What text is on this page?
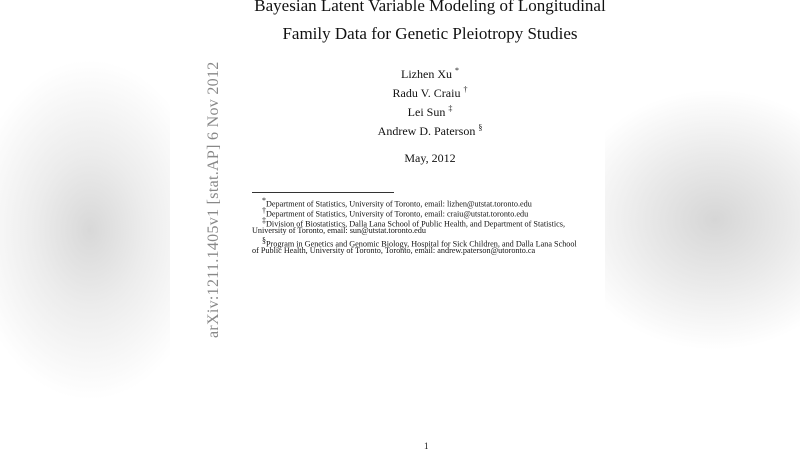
Bayesian Latent Variable Modeling of Longitudinal
Family Data for Genetic Pleiotropy Studies
Lizhen Xu *
Radu V. Craiu †
Lei Sun ‡
Andrew D. Paterson §
May, 2012
*Department of Statistics, University of Toronto, email: lizhen@utstat.toronto.edu
†Department of Statistics, University of Toronto, email: craiu@utstat.toronto.edu
‡Division of Biostatistics, Dalla Lana School of Public Health, and Department of Statistics,
University of Toronto, email: sun@utstat.toronto.edu
§Program in Genetics and Genomic Biology, Hospital for Sick Children, and Dalla Lana School
of Public Health, University of Toronto, Toronto, email: andrew.paterson@utoronto.ca
arXiv:1211.1405v1 [stat.AP] 6 Nov 2012
1
